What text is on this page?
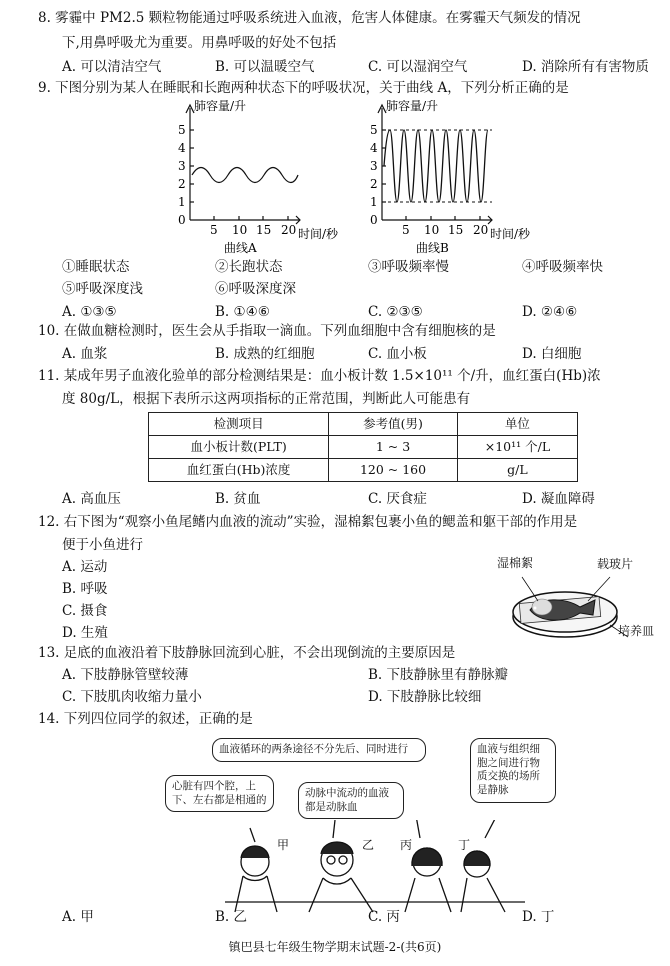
8. 雾霾中 PM2.5 颗粒物能通过呼吸系统进入血液，危害人体健康。在雾霾天气频发的情况
下,用鼻呼吸尤为重要。用鼻呼吸的好处不包括
A. 可以清洁空气	B. 可以温暖空气	C. 可以湿润空气	D. 消除所有有害物质
9. 下图分别为某人在睡眠和长跑两种状态下的呼吸状况，关于曲线 A，下列分析正确的是
肺容量/升
0
1
2
3
4
5
5 10 15 20 时间/秒
曲线A
肺容量/升
0
1
2
3
4
5
5 10 15 20 时间/秒
曲线B
①睡眠状态	②长跑状态	③呼吸频率慢	④呼吸频率快
⑤呼吸深度浅	⑥呼吸深度深
A. ①③⑤	B. ①④⑥	C. ②③⑤	D. ②④⑥
10. 在做血糖检测时，医生会从手指取一滴血。下列血细胞中含有细胞核的是
A. 血浆	B. 成熟的红细胞	C. 血小板	D. 白细胞
11. 某成年男子血液化验单的部分检测结果是：血小板计数 1.5×10¹¹ 个/升，血红蛋白(Hb)浓
度 80g/L，根据下表所示这两项指标的正常范围，判断此人可能患有
检测项目	参考值(男)	单位
血小板计数(PLT)	1 ~ 3	×10¹¹ 个/L
血红蛋白(Hb)浓度	120 ~ 160	g/L
A. 高血压	B. 贫血	C. 厌食症	D. 凝血障碍
12. 右下图为“观察小鱼尾鳍内血液的流动”实验，湿棉絮包裹小鱼的鳃盖和躯干部的作用是
便于小鱼进行
A. 运动
B. 呼吸
C. 摄食
D. 生殖
湿棉絮	载玻片
培养皿
13. 足底的血液沿着下肢静脉回流到心脏，不会出现倒流的主要原因是
A. 下肢静脉管壁较薄	B. 下肢静脉里有静脉瓣
C. 下肢肌肉收缩力量小	D. 下肢静脉比较细
14. 下列四位同学的叙述，正确的是
血液循环的两条途径不分先后、同时进行
心脏有四个腔，上下、左右都是相通的
动脉中流动的血液都是动脉血
血液与组织细胞之间进行物质交换的场所是静脉
甲	乙 丙	丁
A. 甲	B. 乙	C. 丙	D. 丁
镇巴县七年级生物学期末试题-2-(共6页)
